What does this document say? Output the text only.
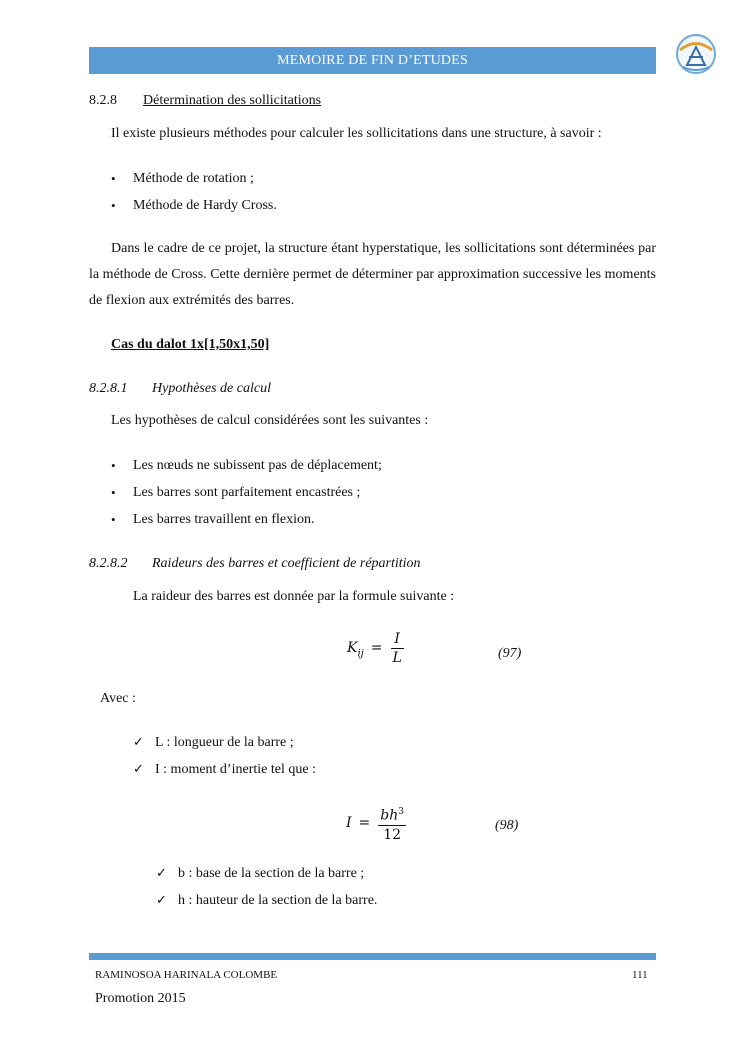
MEMOIRE DE FIN D’ETUDES
8.2.8 Détermination des sollicitations
Il existe plusieurs méthodes pour calculer les sollicitations dans une structure, à savoir :
• Méthode de rotation ;
• Méthode de Hardy Cross.
Dans le cadre de ce projet, la structure étant hyperstatique, les sollicitations sont déterminées par la méthode de Cross. Cette dernière permet de déterminer par approximation successive les moments de flexion aux extrémités des barres.
Cas du dalot 1x[1,50x1,50]
8.2.8.1 Hypothèses de calcul
Les hypothèses de calcul considérées sont les suivantes :
• Les nœuds ne subissent pas de déplacement;
• Les barres sont parfaitement encastrées ;
• Les barres travaillent en flexion.
8.2.8.2 Raideurs des barres et coefficient de répartition
La raideur des barres est donnée par la formule suivante :
$K_{ij} = \frac{I}{L}$	(97)
Avec :
✓ L : longueur de la barre ;
✓ I : moment d’inertie tel que :
$I = \frac{bh^3}{12}$	(98)
✓ b : base de la section de la barre ;
✓ h : hauteur de la section de la barre.
RAMINOSOA HARINALA COLOMBE	111
Promotion 2015
